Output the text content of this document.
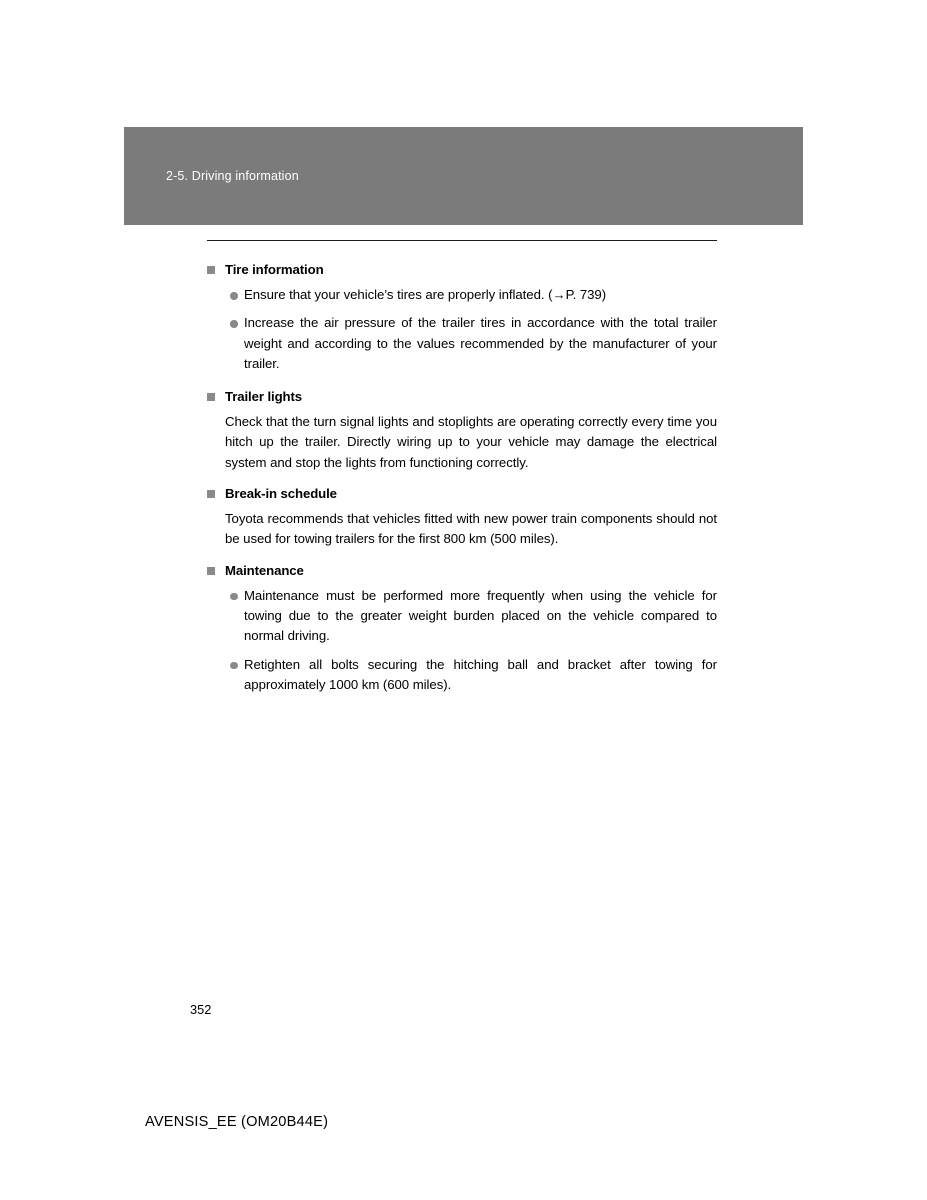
2-5. Driving information
Tire information
Ensure that your vehicle’s tires are properly inflated. (→P. 739)
Increase the air pressure of the trailer tires in accordance with the total trailer weight and according to the values recommended by the manufacturer of your trailer.
Trailer lights

Check that the turn signal lights and stoplights are operating correctly every time you hitch up the trailer. Directly wiring up to your vehicle may damage the electrical system and stop the lights from functioning correctly.

Break-in schedule

Toyota recommends that vehicles fitted with new power train components should not be used for towing trailers for the first 800 km (500 miles).

Maintenance
Maintenance must be performed more frequently when using the vehicle for towing due to the greater weight burden placed on the vehicle compared to normal driving.
Retighten all bolts securing the hitching ball and bracket after towing for approximately 1000 km (600 miles).
352
AVENSIS_EE (OM20B44E)
